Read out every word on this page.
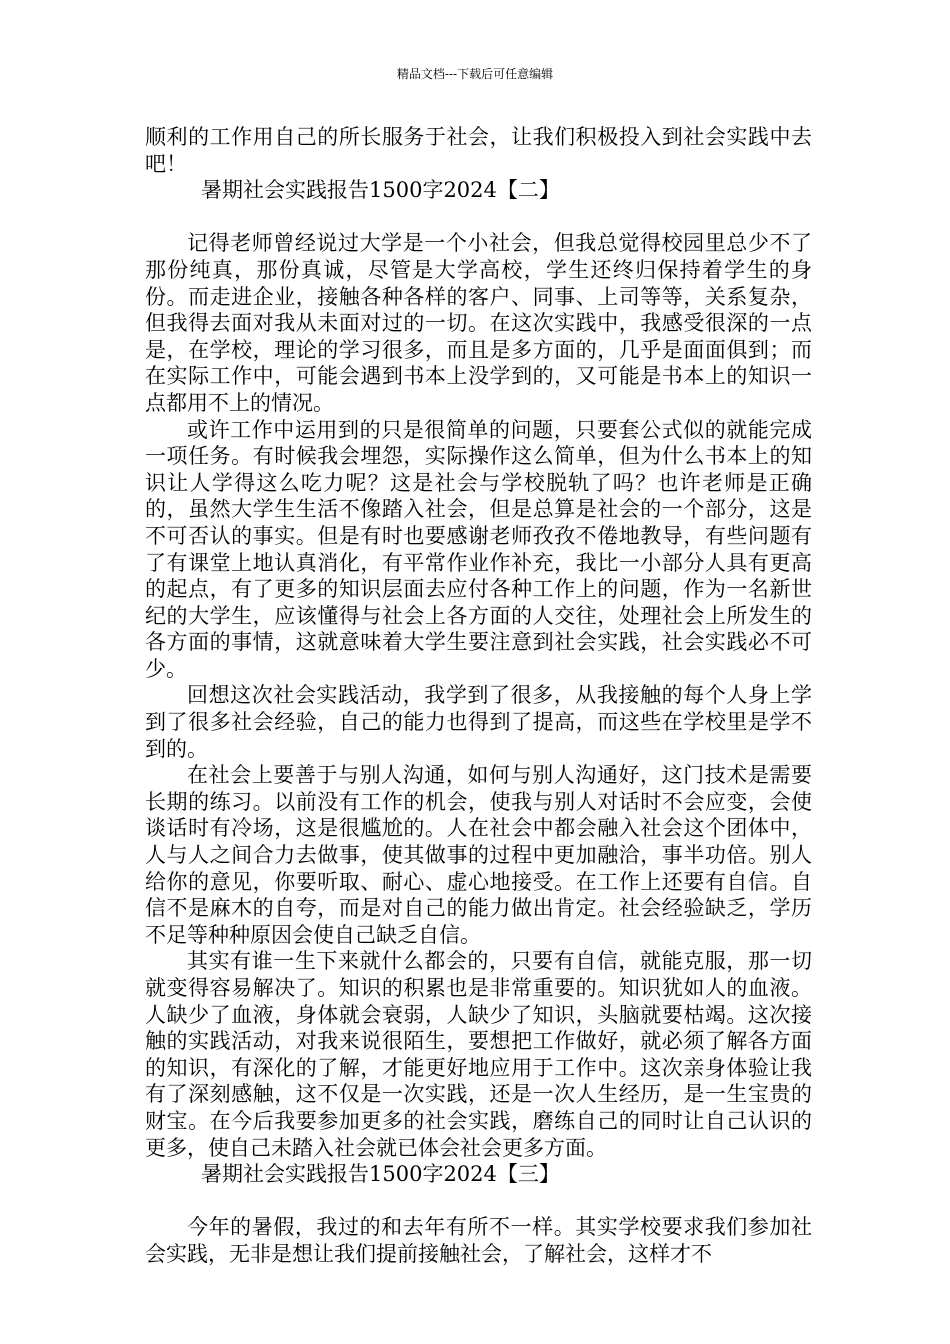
精品文档---下载后可任意编辑

顺利的工作用自己的所长服务于社会，让我们积极投入到社会实践中去吧！

暑期社会实践报告1500字2024【二】

记得老师曾经说过大学是一个小社会，但我总觉得校园里总少不了那份纯真，那份真诚，尽管是大学高校，学生还终归保持着学生的身份。而走进企业，接触各种各样的客户、同事、上司等等，关系复杂，但我得去面对我从未面对过的一切。在这次实践中，我感受很深的一点是，在学校，理论的学习很多，而且是多方面的，几乎是面面俱到；而在实际工作中，可能会遇到书本上没学到的，又可能是书本上的知识一点都用不上的情况。

或许工作中运用到的只是很简单的问题，只要套公式似的就能完成一项任务。有时候我会埋怨，实际操作这么简单，但为什么书本上的知识让人学得这么吃力呢？这是社会与学校脱轨了吗？也许老师是正确的，虽然大学生生活不像踏入社会，但是总算是社会的一个部分，这是不可否认的事实。但是有时也要感谢老师孜孜不倦地教导，有些问题有了有课堂上地认真消化，有平常作业作补充，我比一小部分人具有更高的起点，有了更多的知识层面去应付各种工作上的问题，作为一名新世纪的大学生，应该懂得与社会上各方面的人交往，处理社会上所发生的各方面的事情，这就意味着大学生要注意到社会实践，社会实践必不可少。

回想这次社会实践活动，我学到了很多，从我接触的每个人身上学到了很多社会经验，自己的能力也得到了提高，而这些在学校里是学不到的。

在社会上要善于与别人沟通，如何与别人沟通好，这门技术是需要长期的练习。以前没有工作的机会，使我与别人对话时不会应变，会使谈话时有冷场，这是很尴尬的。人在社会中都会融入社会这个团体中，人与人之间合力去做事，使其做事的过程中更加融洽，事半功倍。别人给你的意见，你要听取、耐心、虚心地接受。在工作上还要有自信。自信不是麻木的自夸，而是对自己的能力做出肯定。社会经验缺乏，学历不足等种种原因会使自己缺乏自信。

其实有谁一生下来就什么都会的，只要有自信，就能克服，那一切就变得容易解决了。知识的积累也是非常重要的。知识犹如人的血液。人缺少了血液，身体就会衰弱，人缺少了知识，头脑就要枯竭。这次接触的实践活动，对我来说很陌生，要想把工作做好，就必须了解各方面的知识，有深化的了解，才能更好地应用于工作中。这次亲身体验让我有了深刻感触，这不仅是一次实践，还是一次人生经历，是一生宝贵的财宝。在今后我要参加更多的社会实践，磨练自己的同时让自己认识的更多，使自己未踏入社会就已体会社会更多方面。

暑期社会实践报告1500字2024【三】

今年的暑假，我过的和去年有所不一样。其实学校要求我们参加社会实践，无非是想让我们提前接触社会，了解社会，这样才不
